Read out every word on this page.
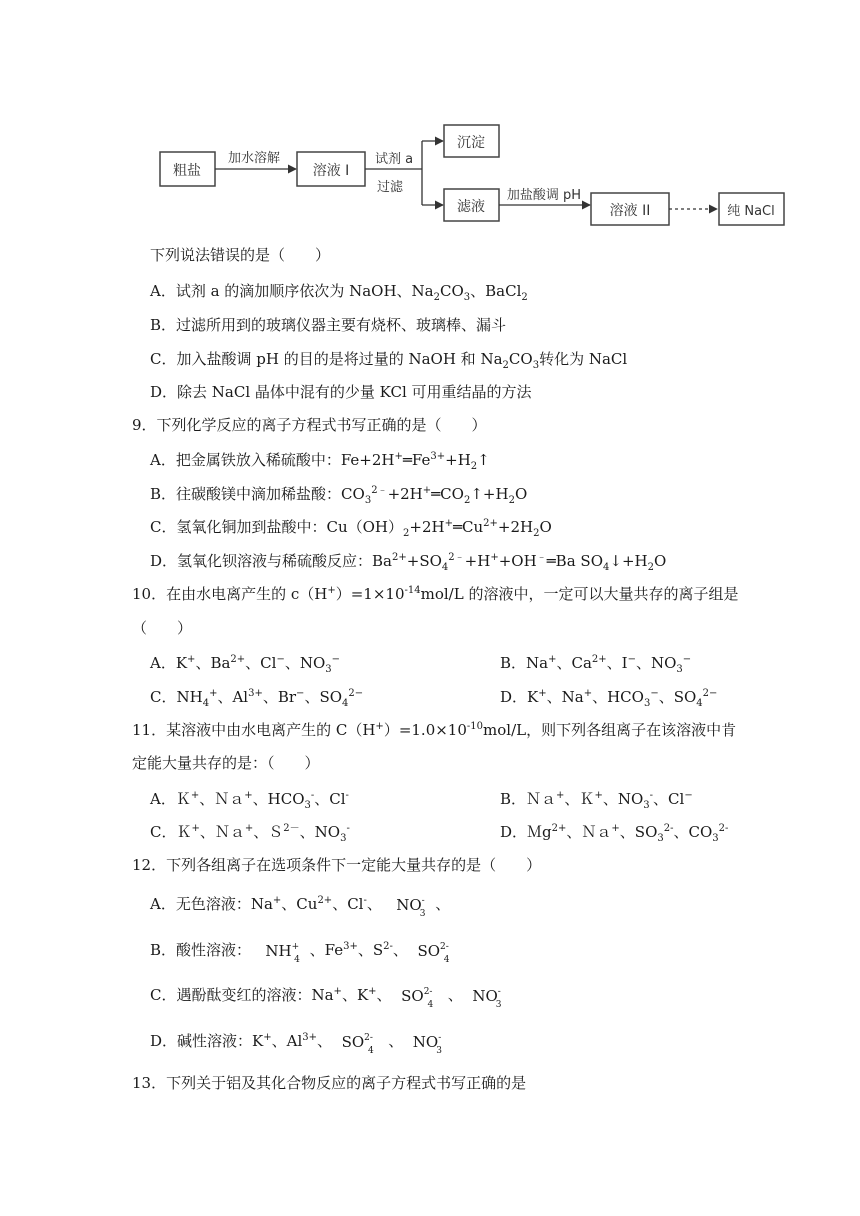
粗盐
加水溶解
溶液 I
试剂 a
过滤
沉淀
滤液
加盐酸调 pH
溶液 II	纯 NaCl
下列说法错误的是（　　）
A．试剂 a 的滴加顺序依次为 NaOH、$Na_2CO_3$、BaCl$_2$
B．过滤所用到的玻璃仪器主要有烧杯、玻璃棒、漏斗
C．加入盐酸调 pH 的目的是将过量的 NaOH 和 $Na_2CO_3$转化为 NaCl
D．除去 NaCl 晶体中混有的少量 KCl 可用重结晶的方法
9．下列化学反应的离子方程式书写正确的是（　　）
A．把金属铁放入稀硫酸中：$Fe+2H^+═Fe^{3+}+H_2↑$
B．往碳酸镁中滴加稀盐酸：$CO_3^{2﹣}+2H^+═CO_2↑+H_2O$
C．氢氧化铜加到盐酸中：$Cu(OH)_2+2H^+═Cu^{2+}+2H_2O$
D．氢氧化钡溶液与稀硫酸反应：$Ba^{2+}+SO_4^{2﹣}+H^++OH^﹣═Ba$ $SO_4↓+H_2O$
10．在由水电离产生的 $c(H^+)=1\times 10^{-14}mol/L$ 的溶液中，一定可以大量共存的离子组是
（　　）
A．K+、$Ba^{2+}$、Cl−、$NO_3^-$	B．Na+、$Ca^{2+}$、I−、$NO_3^-$
C．$NH_4^+$、$Al^{3+}$、Br−、$SO_4^{2-}$	D．K+、Na+、$HCO_3^-$、$SO_4^{2-}$
11．某溶液中由水电离产生的 $C(H^+)=1.0\times 10^{-10}mol/L$，则下列各组离子在该溶液中肯
定能大量共存的是：（　　）
A．Ｋ+、Ｎａ+、$HCO_3^-$、Cl-	B．Ｎａ+、Ｋ+、$NO_3^-$、Cl−
C．Ｋ+、Ｎａ+、Ｓ$^{2-}$、$NO_3^-$	D．Ｍg$^{2+}$、Ｎａ+、$SO_3^{2-}$、$CO_3^{2-}$
12．下列各组离子在选项条件下一定能大量共存的是（　　）
A．无色溶液：Na+、$Cu^{2+}$、Cl-、 $NO^-_3$ 、
B．酸性溶液： $NH^+_4$ 、$Fe^{3+}$、$S^{2-}$、 $SO^{2-}_4$
C．遇酚酞变红的溶液：Na+、K+、 $SO^{2-}_4$  、 $NO^-_3$
D．碱性溶液：K+、$Al^{3+}$、 $SO^{2-}_4$  、 $NO^-_3$
13．下列关于铝及其化合物反应的离子方程式书写正确的是
